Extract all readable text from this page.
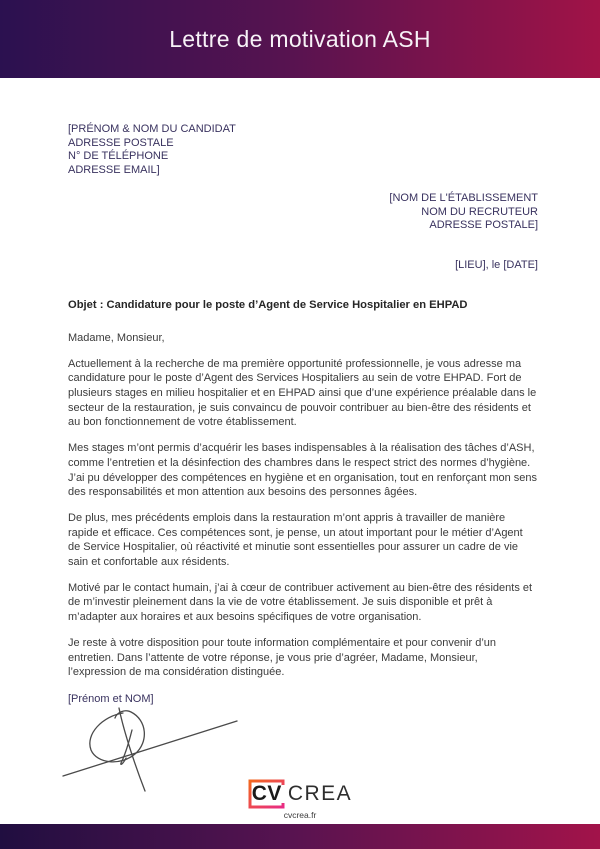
Lettre de motivation ASH
[PRÉNOM & NOM DU CANDIDAT
ADRESSE POSTALE
N° DE TÉLÉPHONE
ADRESSE EMAIL]
[NOM DE L'ÉTABLISSEMENT
NOM DU RECRUTEUR
ADRESSE POSTALE]
[LIEU], le [DATE]
Objet : Candidature pour le poste d’Agent de Service Hospitalier en EHPAD
Madame, Monsieur,

Actuellement à la recherche de ma première opportunité professionnelle, je vous adresse ma candidature pour le poste d’Agent des Services Hospitaliers au sein de votre EHPAD. Fort de plusieurs stages en milieu hospitalier et en EHPAD ainsi que d’une expérience préalable dans le secteur de la restauration, je suis convaincu de pouvoir contribuer au bien-être des résidents et au bon fonctionnement de votre établissement.

Mes stages m’ont permis d’acquérir les bases indispensables à la réalisation des tâches d’ASH, comme l’entretien et la désinfection des chambres dans le respect strict des normes d’hygiène. J’ai pu développer des compétences en hygiène et en organisation, tout en renforçant mon sens des responsabilités et mon attention aux besoins des personnes âgées.

De plus, mes précédents emplois dans la restauration m’ont appris à travailler de manière rapide et efficace. Ces compétences sont, je pense, un atout important pour le métier d’Agent de Service Hospitalier, où réactivité et minutie sont essentielles pour assurer un cadre de vie sain et confortable aux résidents.

Motivé par le contact humain, j’ai à cœur de contribuer activement au bien-être des résidents et de m’investir pleinement dans la vie de votre établissement. Je suis disponible et prêt à m’adapter aux horaires et aux besoins spécifiques de votre organisation.

Je reste à votre disposition pour toute information complémentaire et pour convenir d’un entretien. Dans l’attente de votre réponse, je vous prie d’agréer, Madame, Monsieur, l’expression de ma considération distinguée.

[Prénom et NOM]
CV CREA
cvcrea.fr
